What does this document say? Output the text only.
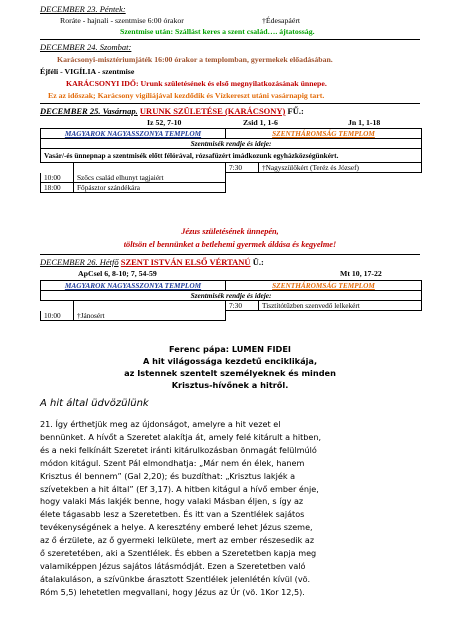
DECEMBER 23. Péntek:
Roráte - hajnali - szentmise 6:00 órakor	†Édesapáért
Szentmise után: Szállást keres a szent család…. ájtatosság.
DECEMBER 24. Szombat:
Karácsonyi-misztériumjáték 16:00 órakor a templomban, gyermekek előadásában.
Éjféli - VIGÍLIA - szentmise
KARÁCSONYI IDŐ: Urunk születésének és első megnyilatkozásának ünnepe.
Ez az időszak; Karácsony vigíliájával kezdődik és Vízkereszt utáni vasárnapig tart.
DECEMBER 25. Vasárnap. URUNK SZÜLETÉSE (KARÁCSONY) FŰ.:
Iz 52, 7-10	Zsid 1, 1-6	Jn 1, 1-18
MAGYAROK NAGYASSZONYA TEMPLOM		SZENTHÁROMSÁG TEMPLOM	
Szentmisék rendje és ideje:			
Vasár/-és ünnepnap a szentmisék előtt félórával, rózsafüzért imádkozunk egyházközségünkért.			
		7:30	†Nagyszülőkért (Teréz és József)
10:00	Szőcs család elhunyt tagjaiért		
18:00	Főpásztor szándékára		
Jézus születésének ünnepén,
töltsön el bennünket a betlehemi gyermek áldása és kegyelme!
DECEMBER 26. Hétfő SZENT ISTVÁN ELSŐ VÉRTANÚ Ü.:
ApCsel 6, 8-10; 7, 54-59	Mt 10, 17-22
MAGYAROK NAGYASSZONYA TEMPLOM		SZENTHÁROMSÁG TEMPLOM	
Szentmisék rendje és ideje:			
		7:30	Tisztítótűzben szenvedő lelkekért
10:00	†Jánosért		
Ferenc pápa: LUMEN FIDEI
A hit világossága kezdetű enciklikája,
az Istennek szentelt személyeknek és minden
Krisztus-hívőnek a hitről.
A hit által üdvözülünk
21. Így érthetjük meg az újdonságot, amelyre a hit vezet el
bennünket. A hívőt a Szeretet alakítja át, amely felé kitárult a hitben,
és a neki felkínált Szeretet iránti kitárulkozásban önmagát felülmúló
módon kitágul. Szent Pál elmondhatja: „Már nem én élek, hanem
Krisztus él bennem” (Gal 2,20); és buzdíthat: „Krisztus lakjék a
szívetekben a hit által” (Ef 3,17). A hitben kitágul a hívő ember énje,
hogy valaki Más lakjék benne, hogy valaki Másban éljen, s így az
élete tágasabb lesz a Szeretetben. És itt van a Szentlélek sajátos
tevékenységének a helye. A keresztény emberé lehet Jézus szeme,
az ő érzülete, az ő gyermeki lelkülete, mert az ember részesedik az
ő szeretetében, aki a Szentlélek. És ebben a Szeretetben kapja meg
valamiképpen Jézus sajátos látásmódját. Ezen a Szeretetben való
átalakuláson, a szívünkbe árasztott Szentlélek jelenlétén kívül (vö.
Róm 5,5) lehetetlen megvallani, hogy Jézus az Úr (vö. 1Kor 12,5).
